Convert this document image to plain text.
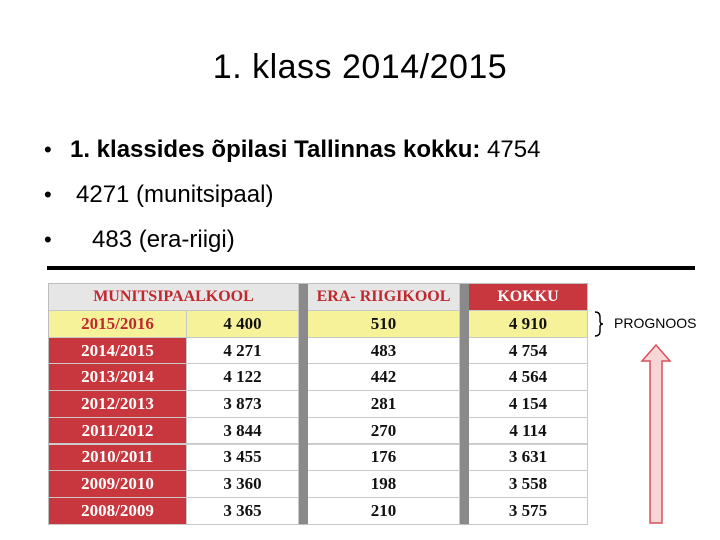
1. klass 2014/2015
• 1. klassides õpilasi Tallinnas kokku: 4754
•	4271 (munitsipaal)
•	483 (era-riigi)
MUNITSIPAALKOOL	ERA- RIIGIKOOL	KOKKU
2015/2016	4 400	510	4 910
2014/2015	4 271	483	4 754
2013/2014	4 122	442	4 564
2012/2013	3 873	281	4 154
2011/2012	3 844	270	4 114
2010/2011	3 455	176	3 631
2009/2010	3 360	198	3 558
2008/2009	3 365	210	3 575
PROGNOOS
